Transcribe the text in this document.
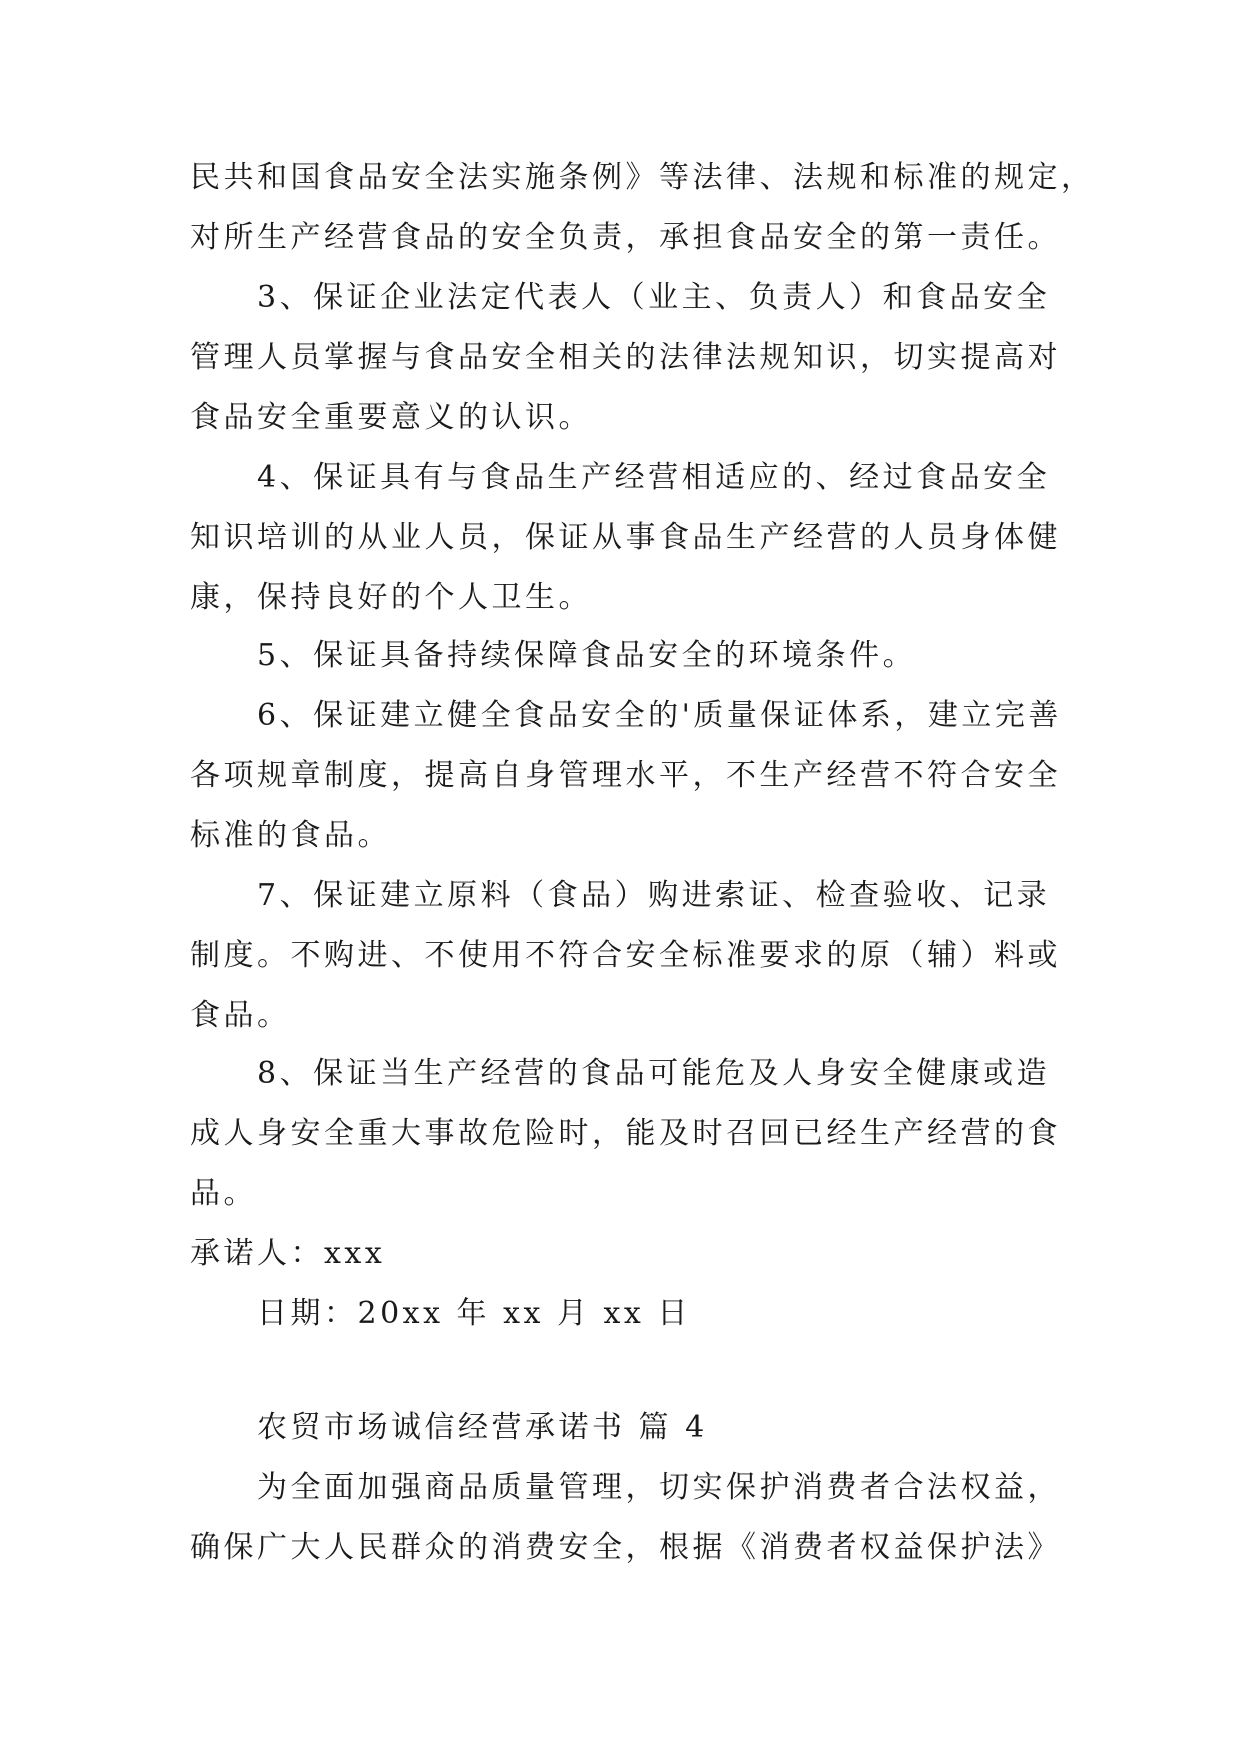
民共和国食品安全法实施条例》等法律、法规和标准的规定，
对所生产经营食品的安全负责，承担食品安全的第一责任。
3、保证企业法定代表人（业主、负责人）和食品安全
管理人员掌握与食品安全相关的法律法规知识，切实提高对
食品安全重要意义的认识。
4、保证具有与食品生产经营相适应的、经过食品安全
知识培训的从业人员，保证从事食品生产经营的人员身体健
康，保持良好的个人卫生。
5、保证具备持续保障食品安全的环境条件。
6、保证建立健全食品安全的'质量保证体系，建立完善
各项规章制度，提高自身管理水平，不生产经营不符合安全
标准的食品。
7、保证建立原料（食品）购进索证、检查验收、记录
制度。不购进、不使用不符合安全标准要求的原（辅）料或
食品。
8、保证当生产经营的食品可能危及人身安全健康或造
成人身安全重大事故危险时，能及时召回已经生产经营的食
品。
承诺人：xxx
日期：20xx 年 xx 月 xx 日
农贸市场诚信经营承诺书 篇 4
为全面加强商品质量管理，切实保护消费者合法权益，
确保广大人民群众的消费安全，根据《消费者权益保护法》
